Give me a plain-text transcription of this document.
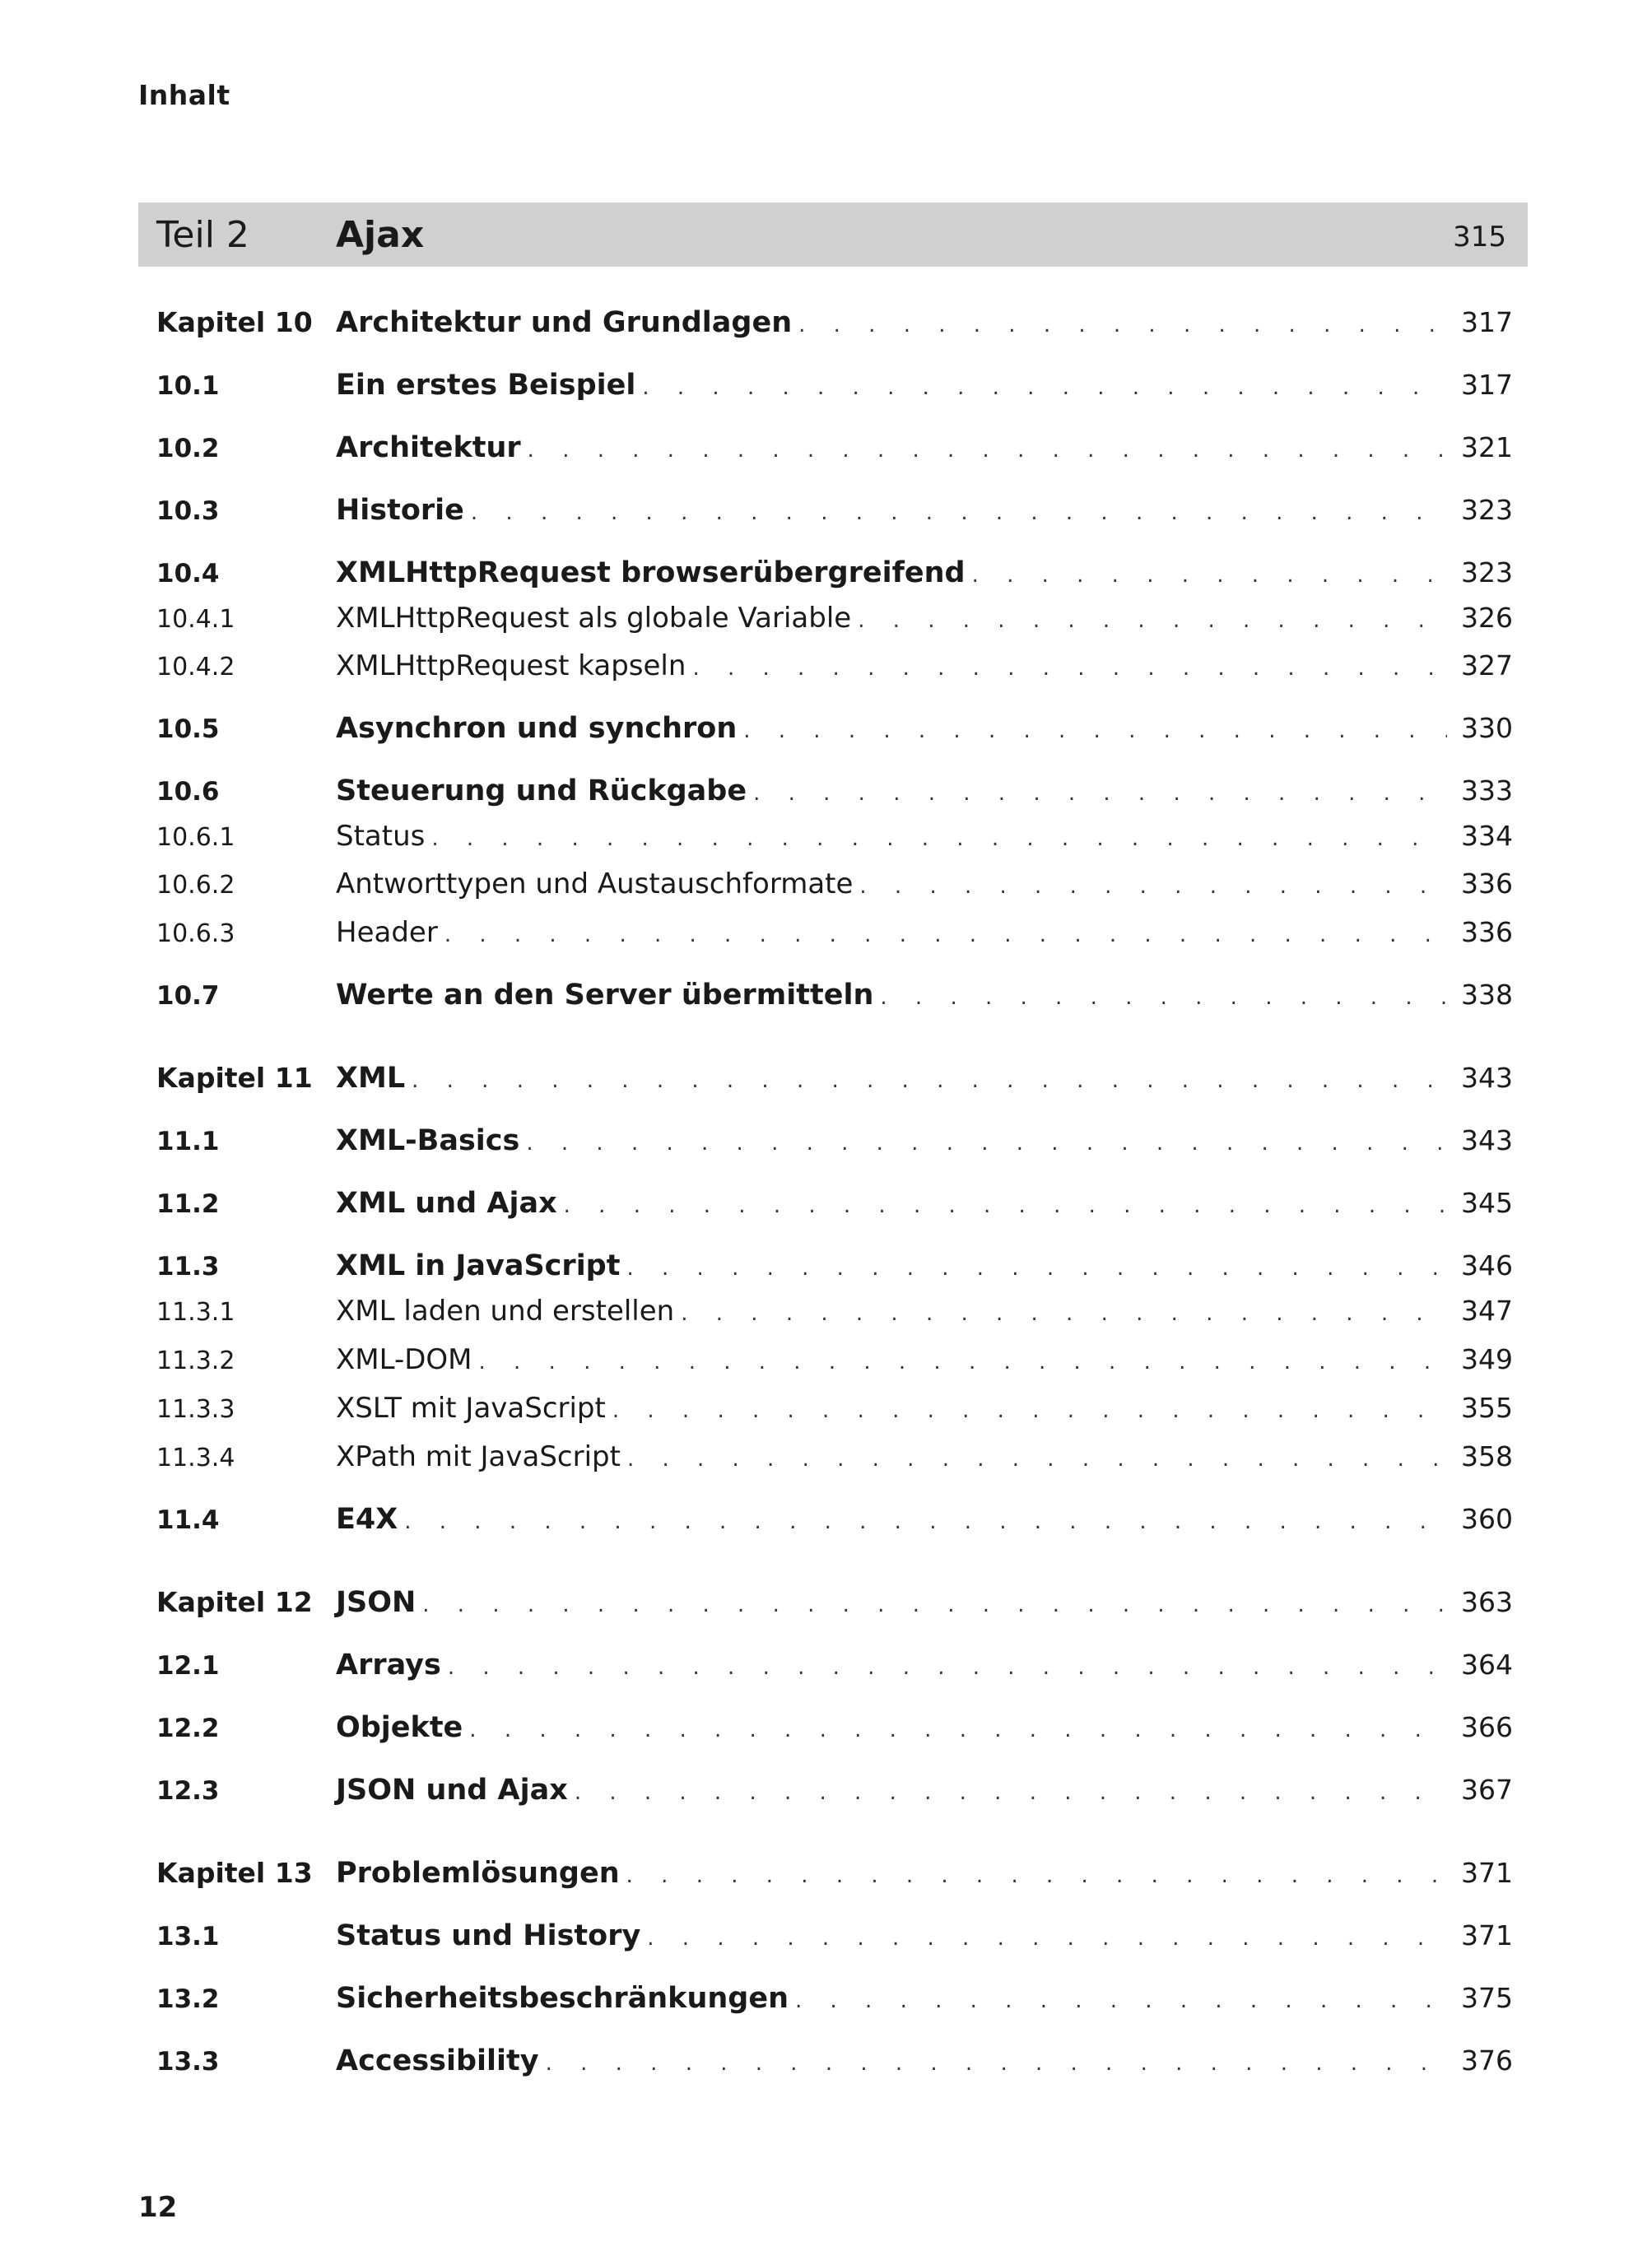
Inhalt
Teil 2 Ajax	315
Kapitel 10 Architektur und Grundlagen . . .	317
10.1	Ein erstes Beispiel . . .	317
10.2	Architektur . . .	321
10.3	Historie . . .	323
10.4	XMLHttpRequest browserübergreifend . . .	323
10.4.1	XMLHttpRequest als globale Variable . . .	326
10.4.2	XMLHttpRequest kapseln . . .	327
10.5	Asynchron und synchron . . .	330
10.6	Steuerung und Rückgabe . . .	333
10.6.1	Status . . .	334
10.6.2	Antworttypen und Austauschformate . . .	336
10.6.3	Header . . .	336
10.7	Werte an den Server übermitteln . . .	338
Kapitel 11 XML . . .	343
11.1	XML-Basics . . .	343
11.2	XML und Ajax . . .	345
11.3	XML in JavaScript . . .	346
11.3.1	XML laden und erstellen . . .	347
11.3.2	XML-DOM . . .	349
11.3.3	XSLT mit JavaScript . . .	355
11.3.4	XPath mit JavaScript . . .	358
11.4	E4X . . .	360
Kapitel 12 JSON . . .	363
12.1	Arrays . . .	364
12.2	Objekte . . .	366
12.3	JSON und Ajax . . .	367
Kapitel 13 Problemlösungen . . .	371
13.1	Status und History . . .	371
13.2	Sicherheitsbeschränkungen . . .	375
13.3	Accessibility . . .	376
12
